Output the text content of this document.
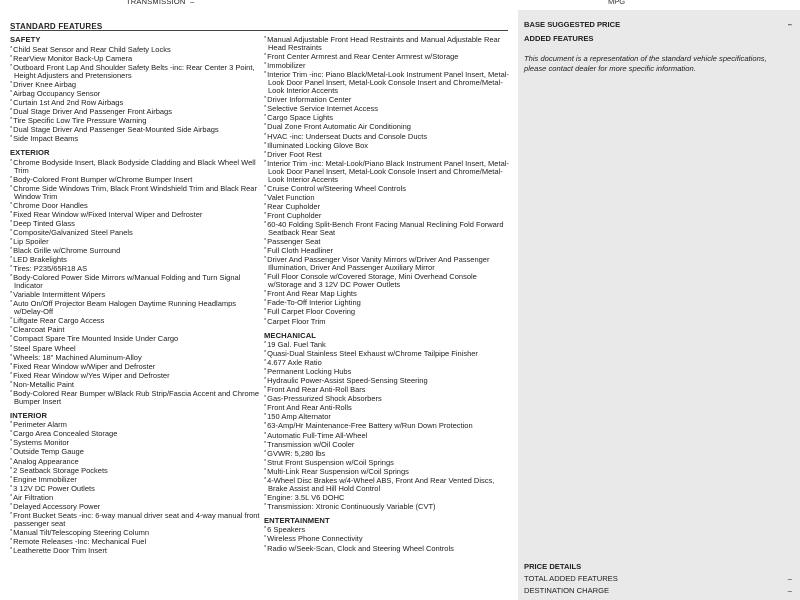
TRANSMISSION –	MPG
STANDARD FEATURES
SAFETY
* Child Seat Sensor and Rear Child Safety Locks
* RearView Monitor Back-Up Camera
* Outboard Front Lap And Shoulder Safety Belts -inc: Rear Center 3 Point, Height Adjusters and Pretensioners
* Driver Knee Airbag
* Airbag Occupancy Sensor
* Curtain 1st And 2nd Row Airbags
* Dual Stage Driver And Passenger Front Airbags
* Tire Specific Low Tire Pressure Warning
* Dual Stage Driver And Passenger Seat-Mounted Side Airbags
* Side Impact Beams
EXTERIOR
* Chrome Bodyside Insert, Black Bodyside Cladding and Black Wheel Well Trim
* Body-Colored Front Bumper w/Chrome Bumper Insert
* Chrome Side Windows Trim, Black Front Windshield Trim and Black Rear Window Trim
* Chrome Door Handles
* Fixed Rear Window w/Fixed Interval Wiper and Defroster
* Deep Tinted Glass
* Composite/Galvanized Steel Panels
* Lip Spoiler
* Black Grille w/Chrome Surround
* LED Brakelights
* Tires: P235/65R18 AS
* Body-Colored Power Side Mirrors w/Manual Folding and Turn Signal Indicator
* Variable Intermittent Wipers
* Auto On/Off Projector Beam Halogen Daytime Running Headlamps w/Delay-Off
* Liftgate Rear Cargo Access
* Clearcoat Paint
* Compact Spare Tire Mounted Inside Under Cargo
* Steel Spare Wheel
* Wheels: 18" Machined Aluminum-Alloy
* Fixed Rear Window w/Wiper and Defroster
* Fixed Rear Window w/Yes Wiper and Defroster
* Non-Metallic Paint
* Body-Colored Rear Bumper w/Black Rub Strip/Fascia Accent and Chrome Bumper Insert
INTERIOR
* Perimeter Alarm
* Cargo Area Concealed Storage
* Systems Monitor
* Outside Temp Gauge
* Analog Appearance
* 2 Seatback Storage Pockets
* Engine Immobilizer
* 3 12V DC Power Outlets
* Air Filtration
* Delayed Accessory Power
* Front Bucket Seats -inc: 6-way manual driver seat and 4-way manual front passenger seat
* Manual Tilt/Telescoping Steering Column
* Remote Releases -Inc: Mechanical Fuel
* Leatherette Door Trim Insert
* Manual Adjustable Front Head Restraints and Manual Adjustable Rear Head Restraints
* Front Center Armrest and Rear Center Armrest w/Storage
* Immobilizer
* Interior Trim -inc: Piano Black/Metal-Look Instrument Panel Insert, Metal-Look Door Panel Insert, Metal-Look Console Insert and Chrome/Metal-Look Interior Accents
* Driver Information Center
* Selective Service Internet Access
* Cargo Space Lights
* Dual Zone Front Automatic Air Conditioning
* HVAC -inc: Underseat Ducts and Console Ducts
* Illuminated Locking Glove Box
* Driver Foot Rest
* Interior Trim -inc: Metal-Look/Piano Black Instrument Panel Insert, Metal-Look Door Panel Insert, Metal-Look Console Insert and Chrome/Metal-Look Interior Accents
* Cruise Control w/Steering Wheel Controls
* Valet Function
* Rear Cupholder
* Front Cupholder
* 60-40 Folding Split-Bench Front Facing Manual Reclining Fold Forward Seatback Rear Seat
* Passenger Seat
* Full Cloth Headliner
* Driver And Passenger Visor Vanity Mirrors w/Driver And Passenger Illumination, Driver And Passenger Auxiliary Mirror
* Full Floor Console w/Covered Storage, Mini Overhead Console w/Storage and 3 12V DC Power Outlets
* Front And Rear Map Lights
* Fade-To-Off Interior Lighting
* Full Carpet Floor Covering
* Carpet Floor Trim
MECHANICAL
* 19 Gal. Fuel Tank
* Quasi-Dual Stainless Steel Exhaust w/Chrome Tailpipe Finisher
* 4.677 Axle Ratio
* Permanent Locking Hubs
* Hydraulic Power-Assist Speed-Sensing Steering
* Front And Rear Anti-Roll Bars
* Gas-Pressurized Shock Absorbers
* Front And Rear Anti-Rolls
* 150 Amp Alternator
* 63-Amp/Hr Maintenance-Free Battery w/Run Down Protection
* Automatic Full-Time All-Wheel
* Transmission w/Oil Cooler
* GVWR: 5,280 lbs
* Strut Front Suspension w/Coil Springs
* Multi-Link Rear Suspension w/Coil Springs
* 4-Wheel Disc Brakes w/4-Wheel ABS, Front And Rear Vented Discs, Brake Assist and Hill Hold Control
* Engine: 3.5L V6 DOHC
* Transmission: Xtronic Continuously Variable (CVT)
ENTERTAINMENT
* 6 Speakers
* Wireless Phone Connectivity
* Radio w/Seek-Scan, Clock and Steering Wheel Controls
BASE SUGGESTED PRICE	–
ADDED FEATURES
This document is a representation of the standard vehicle specifications, please contact dealer for more specific information.
PRICE DETAILS
TOTAL ADDED FEATURES	–
DESTINATION CHARGE	–
